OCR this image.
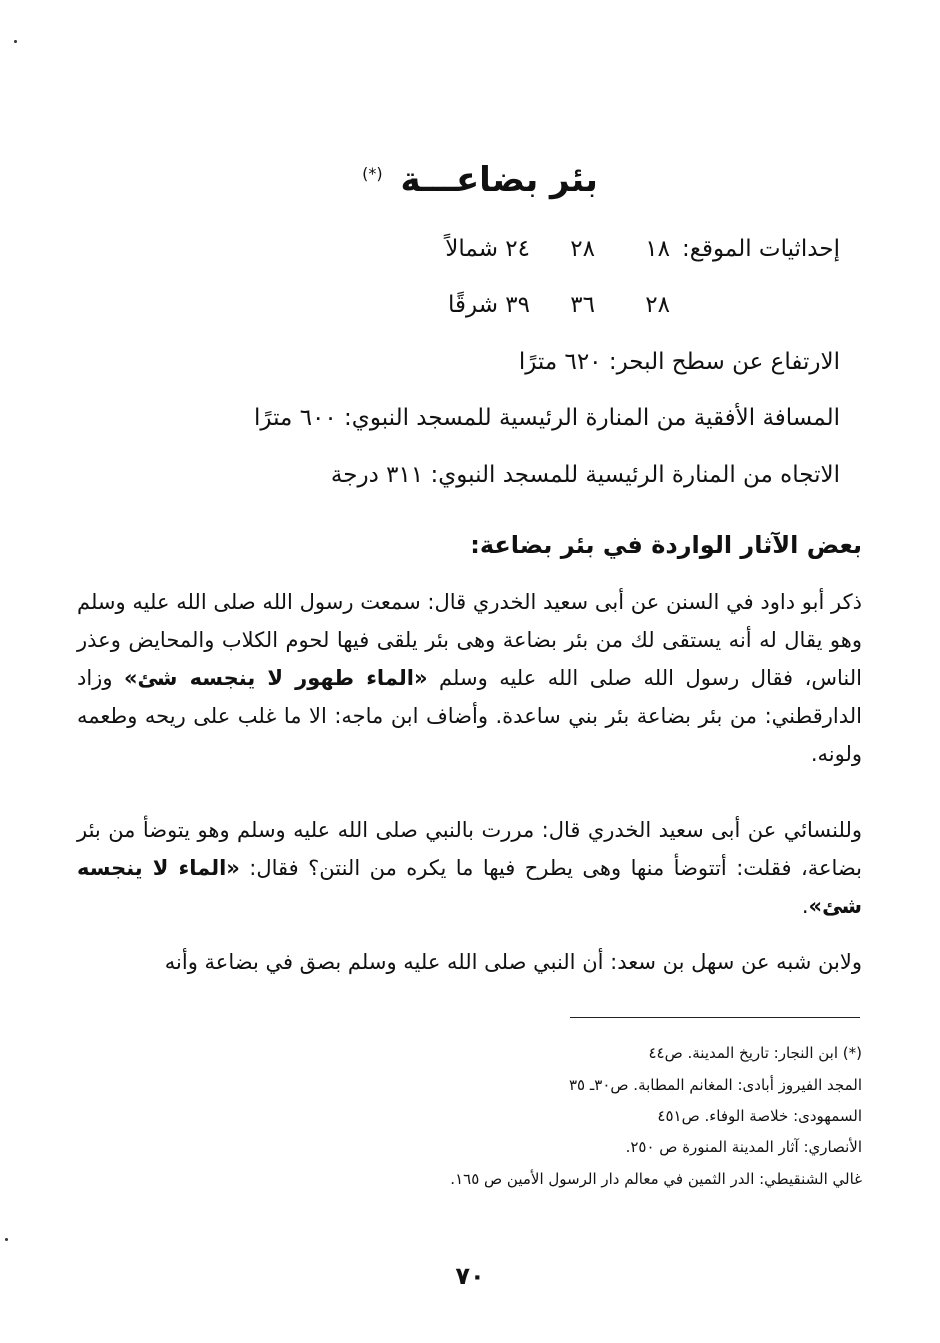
بئر بضاعـــة (*)
إحداثيات الموقع:
١٨
٢٨
٢٤ شمالاً
٢٨
٣٦
٣٩ شرقًا
الارتفاع عن سطح البحر: ٦٢٠ مترًا
المسافة الأفقية من المنارة الرئيسية للمسجد النبوي: ٦٠٠ مترًا
الاتجاه من المنارة الرئيسية للمسجد النبوي: ٣١١ درجة
بعض الآثار الواردة في بئر بضاعة:
ذكر أبو داود في السنن عن أبى سعيد الخدري قال: سمعت رسول الله صلى الله عليه وسلم وهو يقال له أنه يستقى لك من بئر بضاعة وهى بئر يلقى فيها لحوم الكلاب والمحايض وعذر الناس، فقال رسول الله صلى الله عليه وسلم «الماء طهور لا ينجسه شئ» وزاد الدارقطني: من بئر بضاعة بئر بني ساعدة. وأضاف ابن ماجه: الا ما غلب على ريحه وطعمه ولونه.
وللنسائي عن أبى سعيد الخدري قال: مررت بالنبي صلى الله عليه وسلم وهو يتوضأ من بئر بضاعة، فقلت: أتتوضأ منها وهى يطرح فيها ما يكره من النتن؟ فقال: «الماء لا ينجسه شئ».
ولابن شبه عن سهل بن سعد: أن النبي صلى الله عليه وسلم بصق في بضاعة وأنه
(*) ابن النجار: تاريخ المدينة. ص٤٤
المجد الفيروز أبادى: المغانم المطابة. ص٣٠ـ ٣٥
السمهودى: خلاصة الوفاء. ص٤٥١
الأنصاري: آثار المدينة المنورة ص ٢٥٠.
غالي الشنقيطي: الدر الثمين في معالم دار الرسول الأمين ص ١٦٥.
٧٠
